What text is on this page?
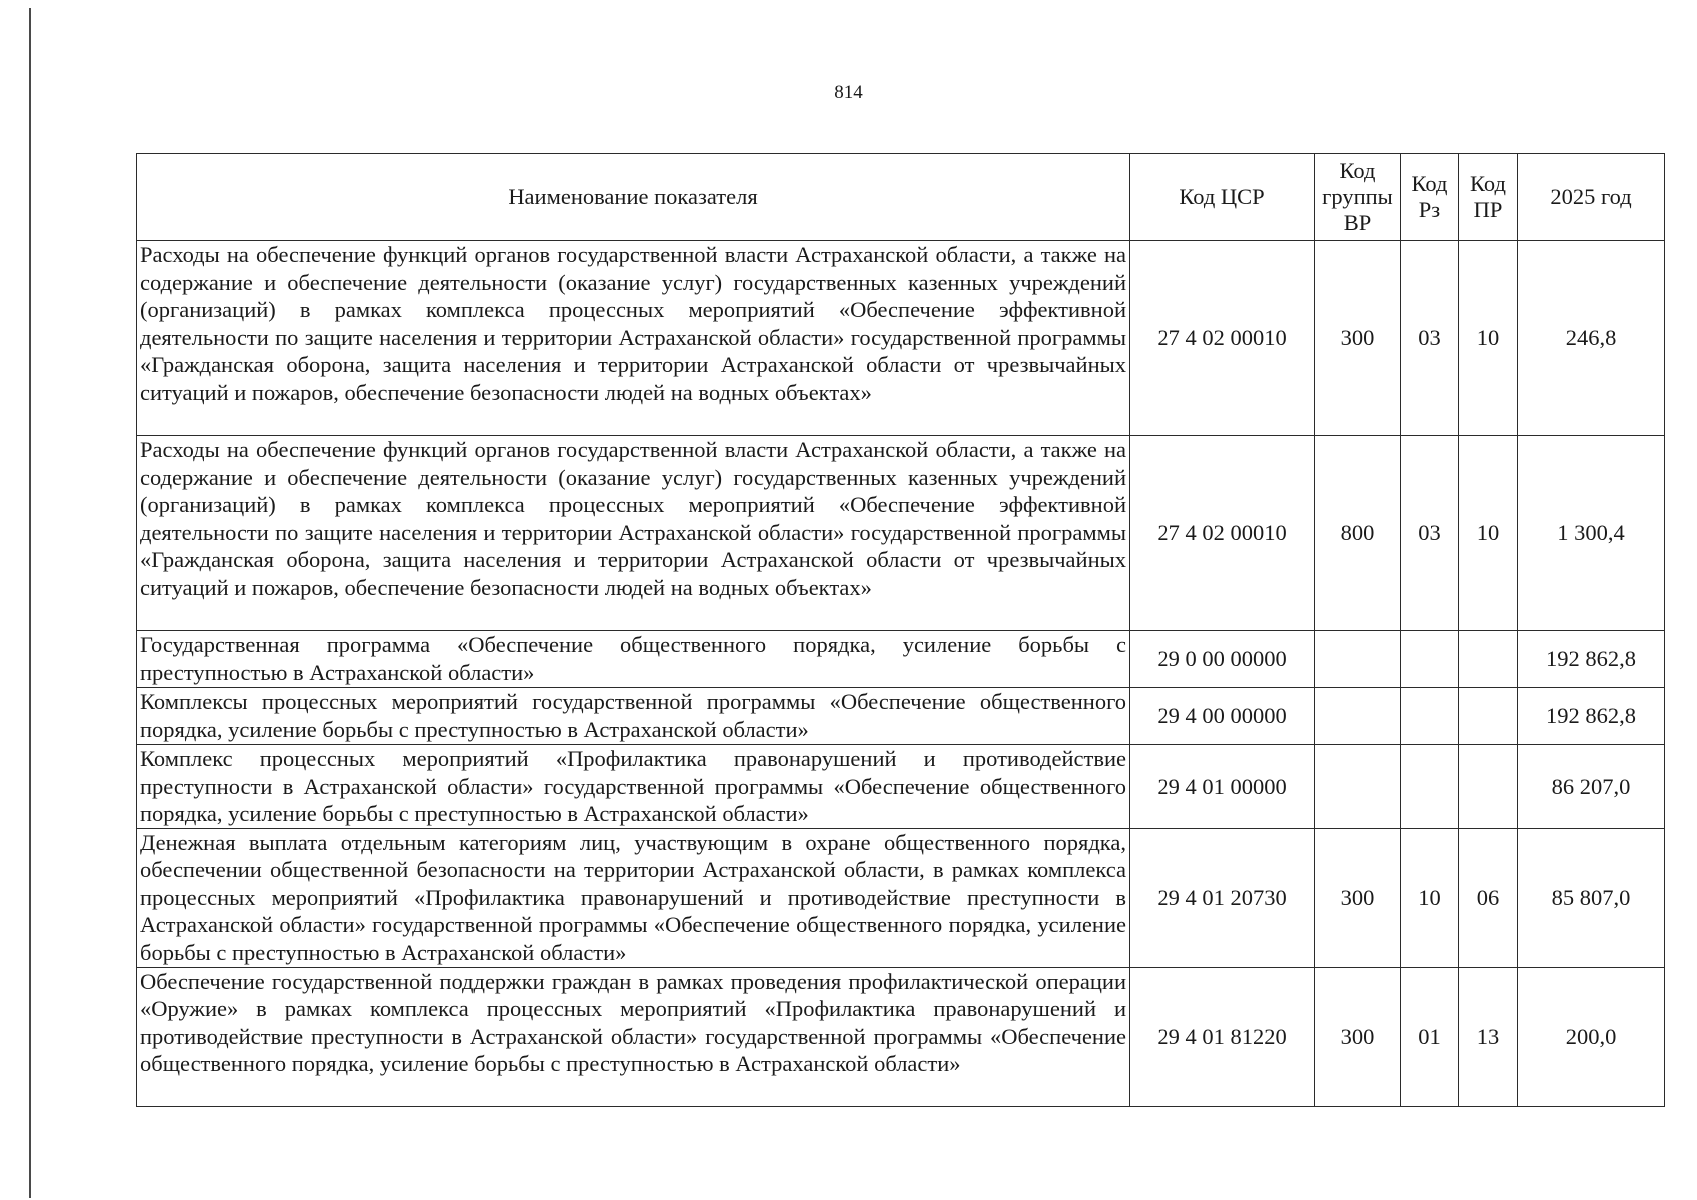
814
Наименование показателя	Код ЦСР	Код группы ВР	Код Рз	Код ПР	2025 год
Расходы на обеспечение функций органов государственной власти Астраханской области, а также на содержание и обеспечение деятельности (оказание услуг) государственных казенных учреждений (организаций) в рамках комплекса процессных мероприятий «Обеспечение эффективной деятельности по защите населения и территории Астраханской области» государственной программы «Гражданская оборона, защита населения и территории Астраханской области от чрезвычайных ситуаций и пожаров, обеспечение безопасности людей на водных объектах»	27 4 02 00010	300	03	10	246,8
Расходы на обеспечение функций органов государственной власти Астраханской области, а также на содержание и обеспечение деятельности (оказание услуг) государственных казенных учреждений (организаций) в рамках комплекса процессных мероприятий «Обеспечение эффективной деятельности по защите населения и территории Астраханской области» государственной программы «Гражданская оборона, защита населения и территории Астраханской области от чрезвычайных ситуаций и пожаров, обеспечение безопасности людей на водных объектах»	27 4 02 00010	800	03	10	1 300,4
Государственная программа «Обеспечение общественного порядка, усиление борьбы с преступностью в Астраханской области»	29 0 00 00000				192 862,8
Комплексы процессных мероприятий государственной программы «Обеспечение общественного порядка, усиление борьбы с преступностью в Астраханской области»	29 4 00 00000				192 862,8
Комплекс процессных мероприятий «Профилактика правонарушений и противодействие преступности в Астраханской области» государственной программы «Обеспечение общественного порядка, усиление борьбы с преступностью в Астраханской области»	29 4 01 00000				86 207,0
Денежная выплата отдельным категориям лиц, участвующим в охране общественного порядка, обеспечении общественной безопасности на территории Астраханской области, в рамках комплекса процессных мероприятий «Профилактика правонарушений и противодействие преступности в Астраханской области» государственной программы «Обеспечение общественного порядка, усиление борьбы с преступностью в Астраханской области»	29 4 01 20730	300	10	06	85 807,0
Обеспечение государственной поддержки граждан в рамках проведения профилактической операции «Оружие» в рамках комплекса процессных мероприятий «Профилактика правонарушений и противодействие преступности в Астраханской области» государственной программы «Обеспечение общественного порядка, усиление борьбы с преступностью в Астраханской области»	29 4 01 81220	300	01	13	200,0
